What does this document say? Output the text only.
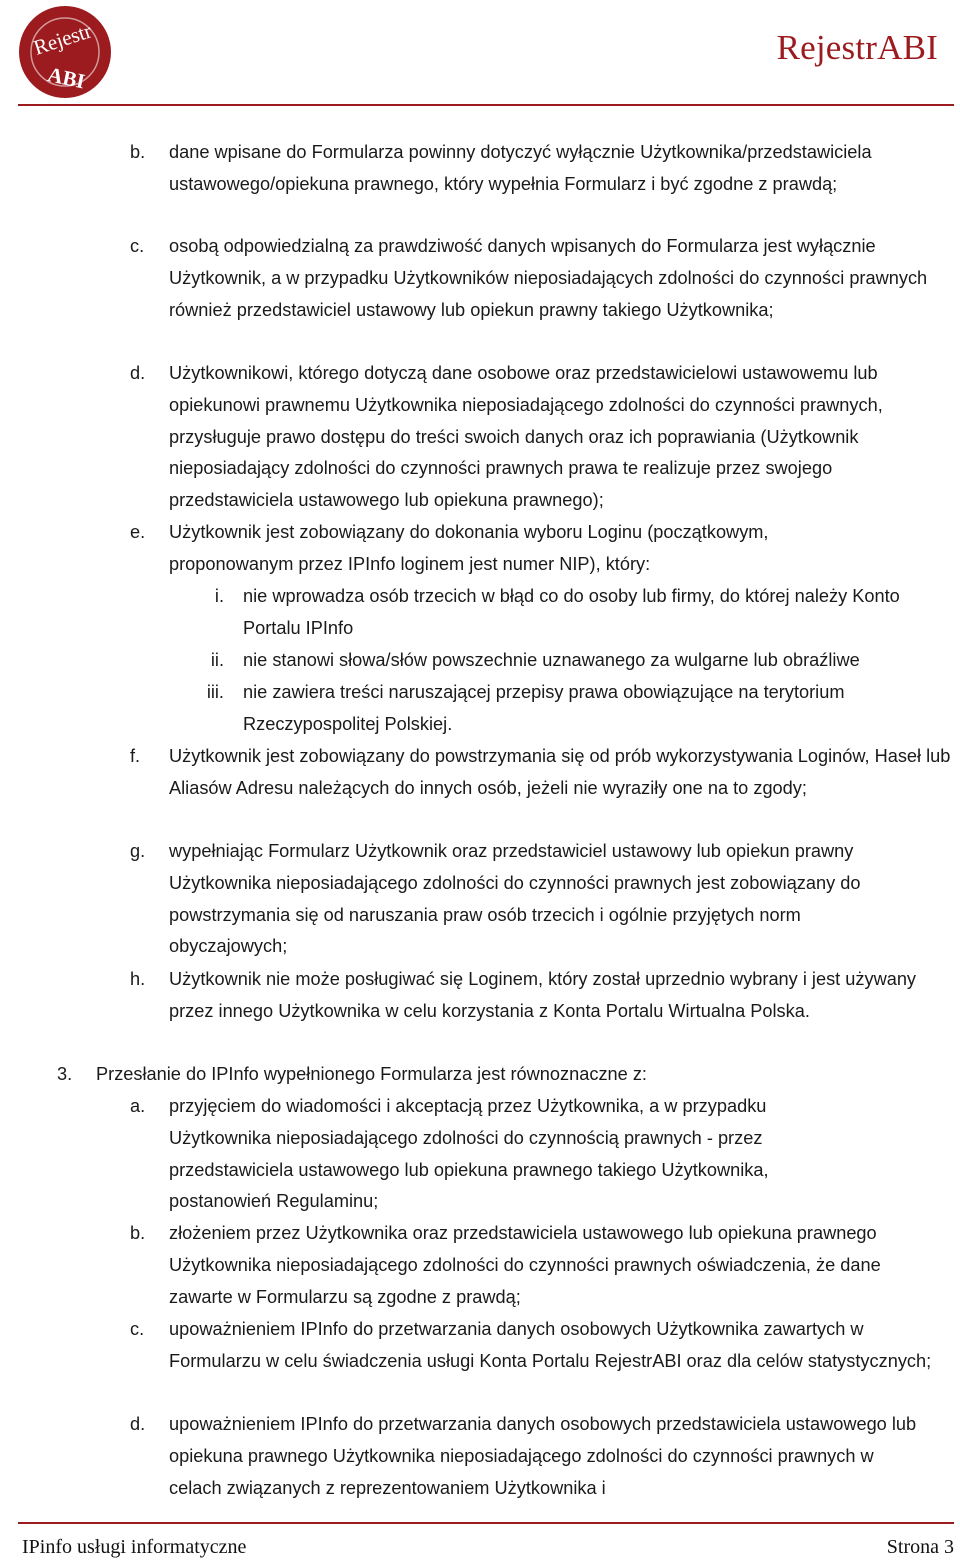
Rejestr
ABI
RejestrABI
b. dane wpisane do Formularza powinny dotyczyć wyłącznie Użytkownika/przedstawiciela ustawowego/opiekuna prawnego, który wypełnia Formularz i być zgodne z prawdą;
c.	osobą odpowiedzialną za prawdziwość danych wpisanych do Formularza jest wyłącznie Użytkownik, a w przypadku Użytkowników nieposiadających zdolności do czynności prawnych również przedstawiciel ustawowy lub opiekun prawny takiego Użytkownika;
d. Użytkownikowi, którego dotyczą dane osobowe oraz przedstawicielowi ustawowemu lub opiekunowi prawnemu Użytkownika nieposiadającego zdolności do czynności prawnych, przysługuje prawo dostępu do treści swoich danych oraz ich poprawiania (Użytkownik nieposiadający zdolności do czynności prawnych prawa te realizuje przez swojego przedstawiciela ustawowego lub opiekuna prawnego);
e. Użytkownik jest zobowiązany do dokonania wyboru Loginu (początkowym, proponowanym przez IPInfo loginem jest numer NIP), który:
i. nie wprowadza osób trzecich w błąd co do osoby lub firmy, do której należy Konto Portalu IPInfo
ii. nie stanowi słowa/słów powszechnie uznawanego za wulgarne lub obraźliwe
iii. nie zawiera treści naruszającej przepisy prawa obowiązujące na terytorium Rzeczypospolitej Polskiej.
f.	Użytkownik jest zobowiązany do powstrzymania się od prób wykorzystywania Loginów, Haseł lub Aliasów Adresu należących do innych osób, jeżeli nie wyraziły one na to zgody;
g. wypełniając Formularz Użytkownik oraz przedstawiciel ustawowy lub opiekun prawny Użytkownika nieposiadającego zdolności do czynności prawnych jest zobowiązany do powstrzymania się od naruszania praw osób trzecich i ogólnie przyjętych norm obyczajowych;
h. Użytkownik nie może posługiwać się Loginem, który został uprzednio wybrany i jest używany przez innego Użytkownika w celu korzystania z Konta Portalu Wirtualna Polska.
3.	Przesłanie do IPInfo wypełnionego Formularza jest równoznaczne z:
a. przyjęciem do wiadomości i akceptacją przez Użytkownika, a w przypadku Użytkownika nieposiadającego zdolności do czynnością prawnych - przez przedstawiciela ustawowego lub opiekuna prawnego takiego Użytkownika, postanowień Regulaminu;
b. złożeniem przez Użytkownika oraz przedstawiciela ustawowego lub opiekuna prawnego Użytkownika nieposiadającego zdolności do czynności prawnych oświadczenia, że dane zawarte w Formularzu są zgodne z prawdą;
c.	upoważnieniem IPInfo do przetwarzania danych osobowych Użytkownika zawartych w Formularzu w celu świadczenia usługi Konta Portalu RejestrABI oraz dla celów statystycznych;
d. upoważnieniem IPInfo do przetwarzania danych osobowych przedstawiciela ustawowego lub opiekuna prawnego Użytkownika nieposiadającego zdolności do czynności prawnych w celach związanych z reprezentowaniem Użytkownika i
IPinfo usługi informatyczne	Strona 3
